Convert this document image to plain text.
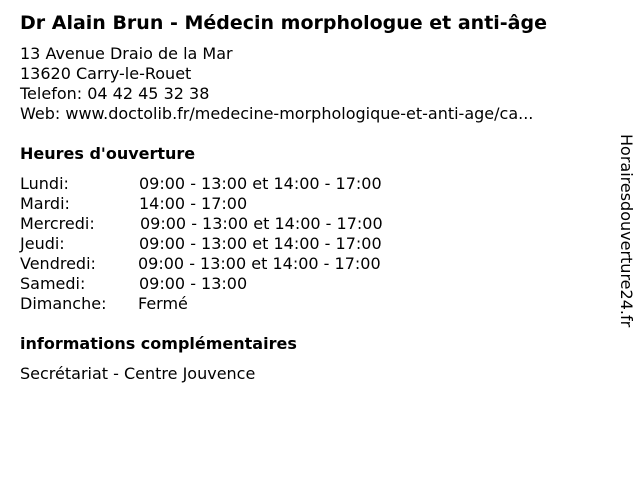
Dr Alain Brun - Médecin morphologue et anti-âge
13 Avenue Draio de la Mar
13620 Carry-le-Rouet
Telefon: 04 42 45 32 38
Web: www.doctolib.fr/medecine-morphologique-et-anti-age/ca...
Heures d'ouverture
Lundi:	09:00 - 13:00 et 14:00 - 17:00
Mardi:	14:00 - 17:00
Mercredi:	09:00 - 13:00 et 14:00 - 17:00
Jeudi:	09:00 - 13:00 et 14:00 - 17:00
Vendredi:	09:00 - 13:00 et 14:00 - 17:00
Samedi:	09:00 - 13:00
Dimanche: Fermé
informations complémentaires
Secrétariat - Centre Jouvence
Horairesdouverture24.fr
